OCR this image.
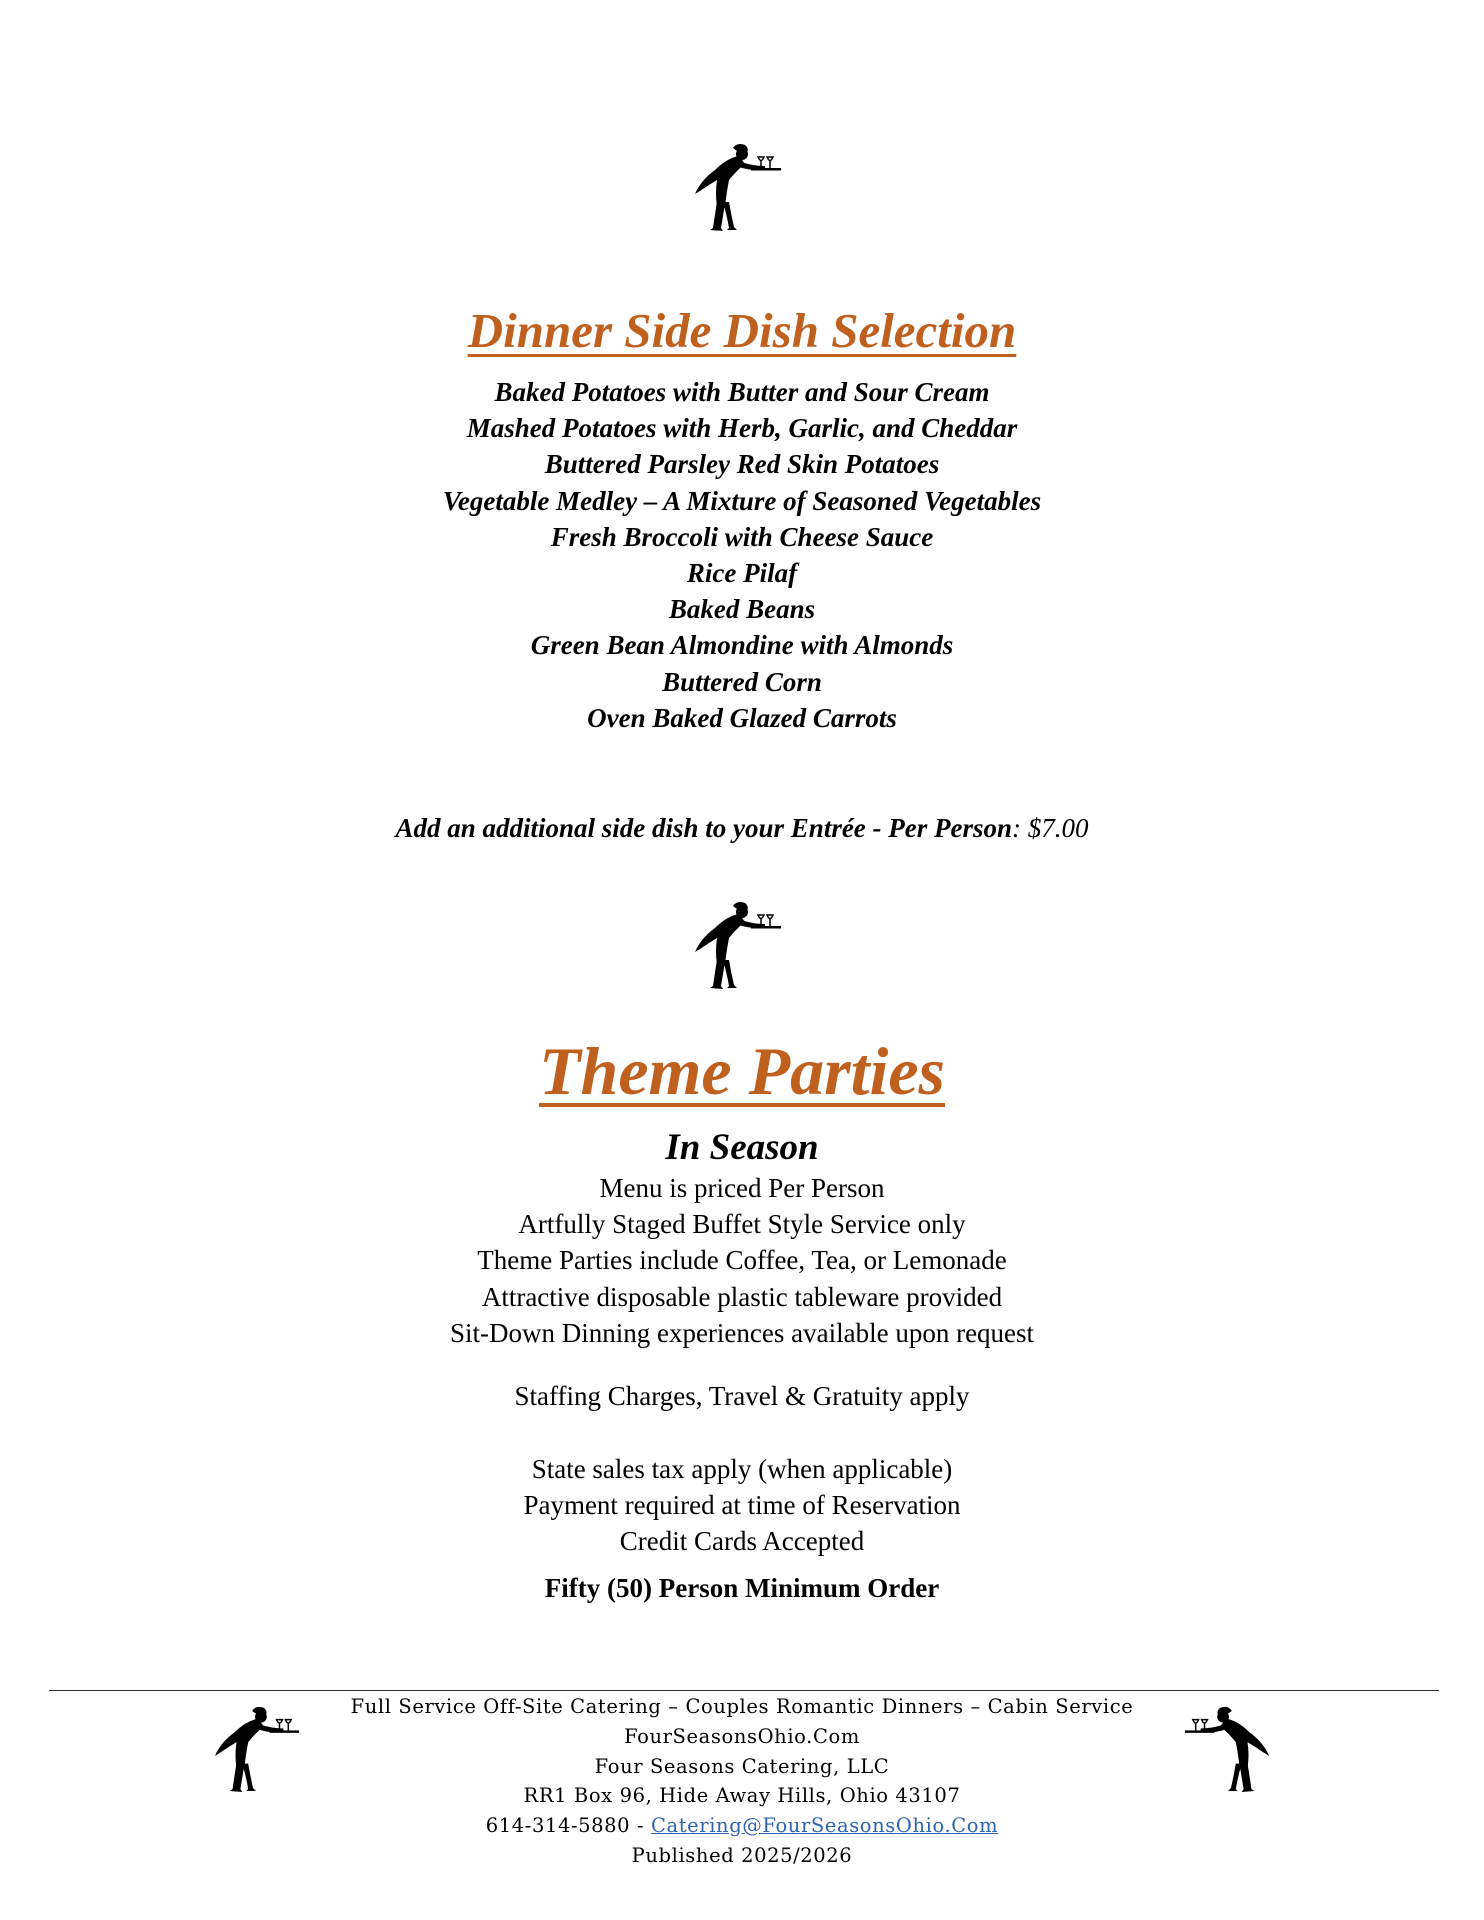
Dinner Side Dish Selection
Baked Potatoes with Butter and Sour Cream
Mashed Potatoes with Herb, Garlic, and Cheddar
Buttered Parsley Red Skin Potatoes
Vegetable Medley – A Mixture of Seasoned Vegetables
Fresh Broccoli with Cheese Sauce
Rice Pilaf
Baked Beans
Green Bean Almondine with Almonds
Buttered Corn
Oven Baked Glazed Carrots
Add an additional side dish to your Entrée - Per Person: $7.00
Theme Parties
In Season
Menu is priced Per Person
Artfully Staged Buffet Style Service only
Theme Parties include Coffee, Tea, or Lemonade
Attractive disposable plastic tableware provided
Sit-Down Dinning experiences available upon request
Staffing Charges, Travel & Gratuity apply
State sales tax apply (when applicable)
Payment required at time of Reservation
Credit Cards Accepted
Fifty (50) Person Minimum Order
Full Service Off-Site Catering – Couples Romantic Dinners – Cabin Service
FourSeasonsOhio.Com
Four Seasons Catering, LLC
RR1 Box 96, Hide Away Hills, Ohio 43107
614-314-5880 - Catering@FourSeasonsOhio.Com
Published 2025/2026
